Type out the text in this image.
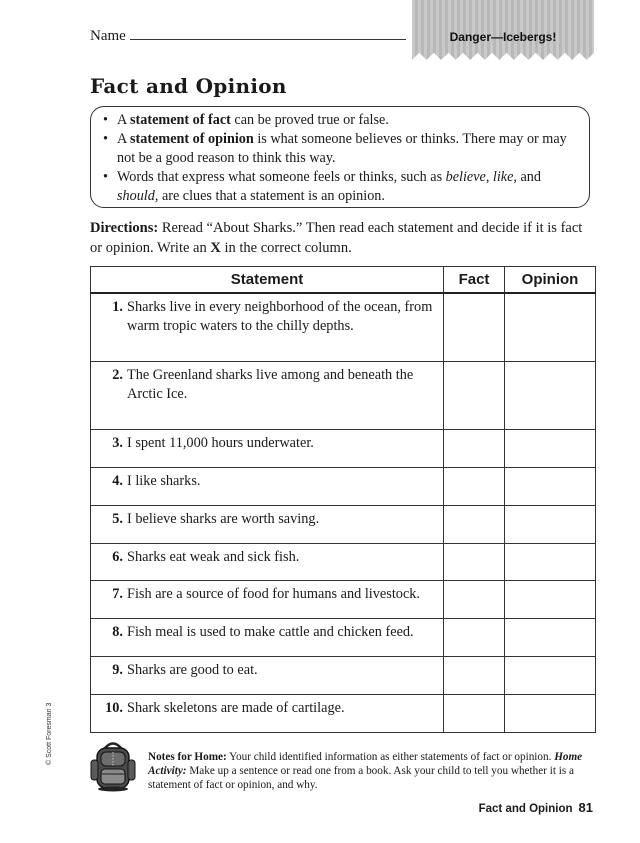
Name	Danger—Icebergs!
Fact and Opinion
• A statement of fact can be proved true or false.
• A statement of opinion is what someone believes or thinks. There may or may not be a good reason to think this way.
• Words that express what someone feels or thinks, such as believe, like, and should, are clues that a statement is an opinion.
Directions: Reread “About Sharks.” Then read each statement and decide if it is fact or opinion. Write an X in the correct column.
Statement	Fact	Opinion

1. Sharks live in every neighborhood of the ocean, from warm tropic waters to the chilly depths.		

2. The Greenland sharks live among and beneath the Arctic Ice.		

3. I spent 11,000 hours underwater.		

4. I like sharks.		

5. I believe sharks are worth saving.		

6. Sharks eat weak and sick fish.		

7. Fish are a source of food for humans and livestock.		

8. Fish meal is used to make cattle and chicken feed.		

9. Sharks are good to eat.		

10. Shark skeletons are made of cartilage.		

© Scott Foresman 3	Notes for Home: Your child identified information as either statements of fact or opinion. Home Activity: Make up a sentence or read one from a book. Ask your child to tell you whether it is a statement of fact or opinion, and why.
Fact and Opinion 81
